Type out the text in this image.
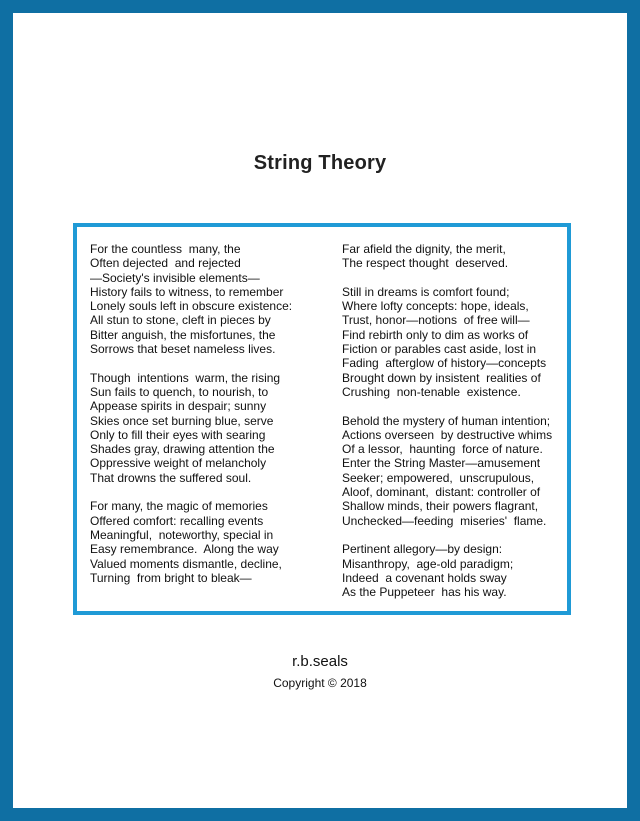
String Theory
For the countless  many, the
Often dejected  and rejected
—Society's invisible elements—
History fails to witness, to remember
Lonely souls left in obscure existence:
All stun to stone, cleft in pieces by
Bitter anguish, the misfortunes, the
Sorrows that beset nameless lives.
Though  intentions  warm, the rising
Sun fails to quench, to nourish, to
Appease spirits in despair; sunny
Skies once set burning blue, serve
Only to fill their eyes with searing
Shades gray, drawing attention the
Oppressive weight of melancholy
That drowns the suffered soul.
For many, the magic of memories
Offered comfort: recalling events
Meaningful,  noteworthy, special in
Easy remembrance.  Along the way
Valued moments dismantle, decline,
Turning  from bright to bleak—
Far afield the dignity, the merit,
The respect thought  deserved.
Still in dreams is comfort found;
Where lofty concepts: hope, ideals,
Trust, honor—notions  of free will—
Find rebirth only to dim as works of
Fiction or parables cast aside, lost in
Fading  afterglow of history—concepts
Brought down by insistent  realities of
Crushing  non-tenable  existence.
Behold the mystery of human intention;
Actions overseen  by destructive whims
Of a lessor,  haunting  force of nature.
Enter the String Master—amusement
Seeker; empowered,  unscrupulous,
Aloof, dominant,  distant: controller of
Shallow minds, their powers flagrant,
Unchecked—feeding  miseries'  flame.
Pertinent allegory—by design:
Misanthropy,  age-old paradigm;
Indeed  a covenant holds sway
As the Puppeteer  has his way.
r.b.seals
Copyright © 2018
